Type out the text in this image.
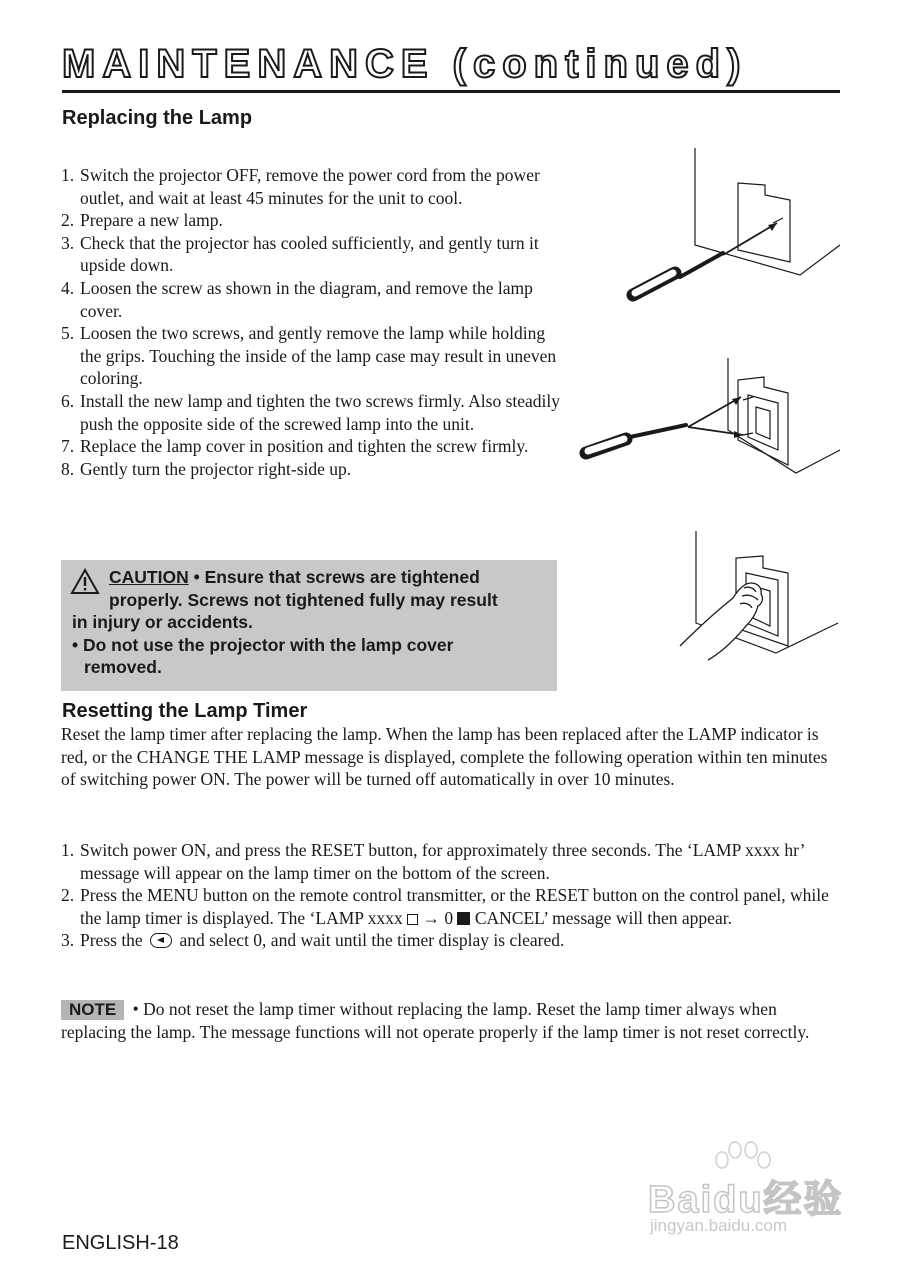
MAINTENANCE (continued)
Replacing the Lamp
1. Switch the projector OFF, remove the power cord from the power outlet, and wait at least 45 minutes for the unit to cool.
2. Prepare a new lamp.
3. Check that the projector has cooled sufficiently, and gently turn it upside down.
4. Loosen the screw as shown in the diagram, and remove the lamp cover.
5. Loosen the two screws, and gently remove the lamp while holding the grips. Touching the inside of the lamp case may result in uneven coloring.
6. Install the new lamp and tighten the two screws firmly. Also steadily push the opposite side of the screwed lamp into the unit.
7. Replace the lamp cover in position and tighten the screw firmly.
8. Gently turn the projector right-side up.
CAUTION • Ensure that screws are tightened
properly. Screws not tightened fully may result
in injury or accidents.
• Do not use the projector with the lamp cover
removed.
Resetting the Lamp Timer

Reset the lamp timer after replacing the lamp. When the lamp has been replaced after the LAMP indicator is red, or the CHANGE THE LAMP message is displayed, complete the following operation within ten minutes of switching power ON. The power will be turned off automatically in over 10 minutes.

1. Switch power ON, and press the RESET button, for approximately three seconds. The ‘LAMP xxxx hr’ message will appear on the lamp timer on the bottom of the screen.
2. Press the MENU button on the remote control transmitter, or the RESET button on the control panel, while the lamp timer is displayed. The ‘LAMP xxxx  → 0  CANCEL’ message will then appear.
3. Press the  and select 0, and wait until the timer display is cleared.

NOTE • Do not reset the lamp timer without replacing the lamp. Reset the lamp timer always when replacing the lamp. The message functions will not operate properly if the lamp timer is not reset correctly.

ENGLISH-18
Baidu经验
jingyan.baidu.com
